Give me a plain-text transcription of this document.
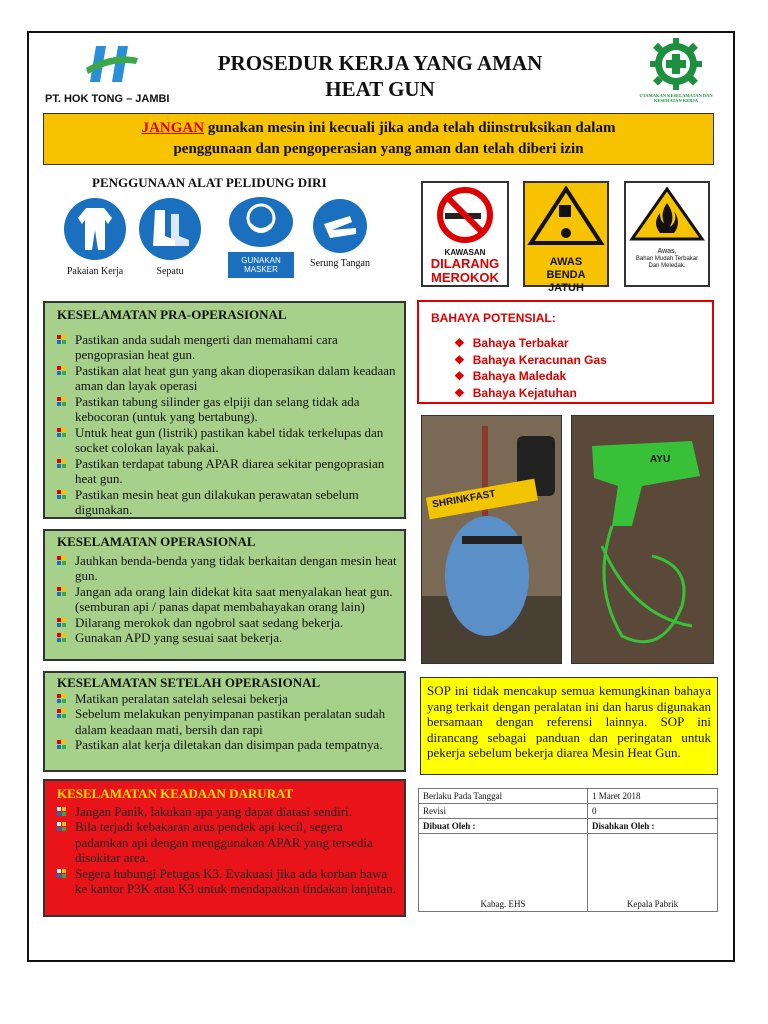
PT. HOK TONG – JAMBI
PROSEDUR KERJA YANG AMAN
HEAT GUN	UTAMAKAN KESELAMATAN DAN KESEHATAN KERJA
JANGAN gunakan mesin ini kecuali jika anda telah diinstruksikan dalam
penggunaan dan pengoperasian yang aman dan telah diberi izin
PENGGUNAAN ALAT PELIDUNG DIRI
Pakaian Kerja	Sepatu
GUNAKAN MASKER
Serung Tangan
KAWASAN
DILARANG
MEROKOK
AWAS BENDA JATUH
Awas,
Bahan Mudah Terbakar Dan Meledak.
KESELAMATAN PRA-OPERASIONAL
Pastikan anda sudah mengerti dan memahami cara pengoprasian heat gun.
Pastikan alat heat gun yang akan dioperasikan dalam keadaan aman dan layak operasi
Pastikan tabung silinder gas elpiji dan selang tidak ada kebocoran (untuk yang bertabung).
Untuk heat gun (listrik) pastikan kabel tidak terkelupas dan socket colokan layak pakai.
Pastikan terdapat tabung APAR diarea sekitar pengoprasian heat gun.
Pastikan mesin heat gun dilakukan perawatan sebelum digunakan.
KESELAMATAN OPERASIONAL
Jauhkan benda-benda yang tidak berkaitan dengan mesin heat gun.
Jangan ada orang lain didekat kita saat menyalakan heat gun. (semburan api / panas dapat membahayakan orang lain)
Dilarang merokok dan ngobrol saat sedang bekerja.
Gunakan APD yang sesuai saat bekerja.
KESELAMATAN SETELAH OPERASIONAL
Matikan peralatan satelah selesai bekerja
Sebelum melakukan penyimpanan pastikan peralatan sudah dalam keadaan mati, bersih dan rapi
Pastikan alat kerja diletakan dan disimpan pada tempatnya.
KESELAMATAN KEADAAN DARURAT
Jangan Panik, lakukan apa yang dapat diatasi sendiri.
Bila terjadi kebakaran arus pendek api kecil, segera padamkan api dengan menggunakan APAR yang tersedia disokitar area.
Segera hubungi Petugas K3. Evakuasi jika ada korban bawa ke kantor P3K atau K3 untuk mendapatkan tindakan lanjutan.
BAHAYA POTENSIAL:
❖ Bahaya Terbakar
❖ Bahaya Keracunan Gas
❖ Bahaya Maledak
❖ Bahaya Kejatuhan
SHRINKFAST
AYU
SOP ini tidak mencakup semua kemungkinan bahaya yang terkait dengan peralatan ini dan harus digunakan bersamaan dengan referensi lainnya. SOP ini dirancang sebagai panduan dan peringatan untuk pekerja sebelum bekerja diarea Mesin Heat Gun.
Berlaku Pada Tanggal	1 Maret 2018
Revisi	0
Dibuat Oleh :	Disahkan Oleh :
Kabag. EHS	Kepala Pabrik
